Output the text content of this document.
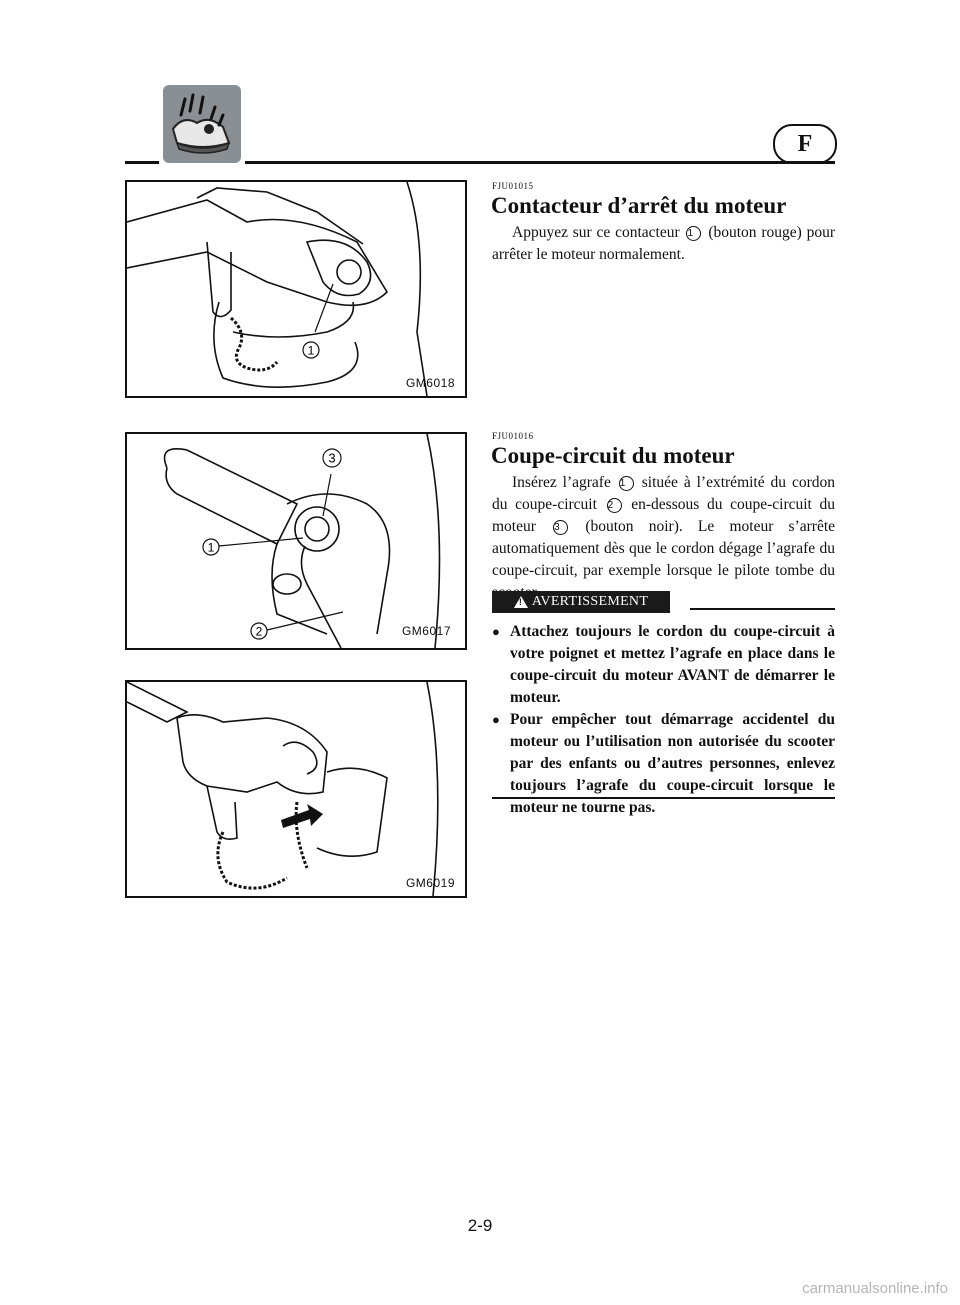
F
1
GM6018
FJU01015
Contacteur d’arrêt du moteur
Appuyez sur ce contacteur 1 (bouton rouge) pour arrêter le moteur normalement.
3
1
2	GM6017
FJU01016
Coupe-circuit du moteur
Insérez l’agrafe 1 située à l’extrémité du cordon du coupe-circuit 2 en-dessous du coupe-circuit du moteur 3 (bouton noir). Le moteur s’arrête automatiquement dès que le cordon dégage l’agrafe du coupe-circuit, par exemple lorsque le pilote tombe du
!
AVERTISSEMENT
● Attachez toujours le cordon du coupe-circuit à votre poignet et mettez l’agrafe en place dans le coupe-circuit du moteur AVANT de démarrer le moteur.
● Pour empêcher tout démarrage accidentel du moteur ou l’utilisation non autorisée du scooter par des enfants ou d’autres personnes, enlevez toujours l’agrafe du coupe-circuit lorsque le moteur ne tourne pas.
GM6019
2-9
carmanualsonline.info
